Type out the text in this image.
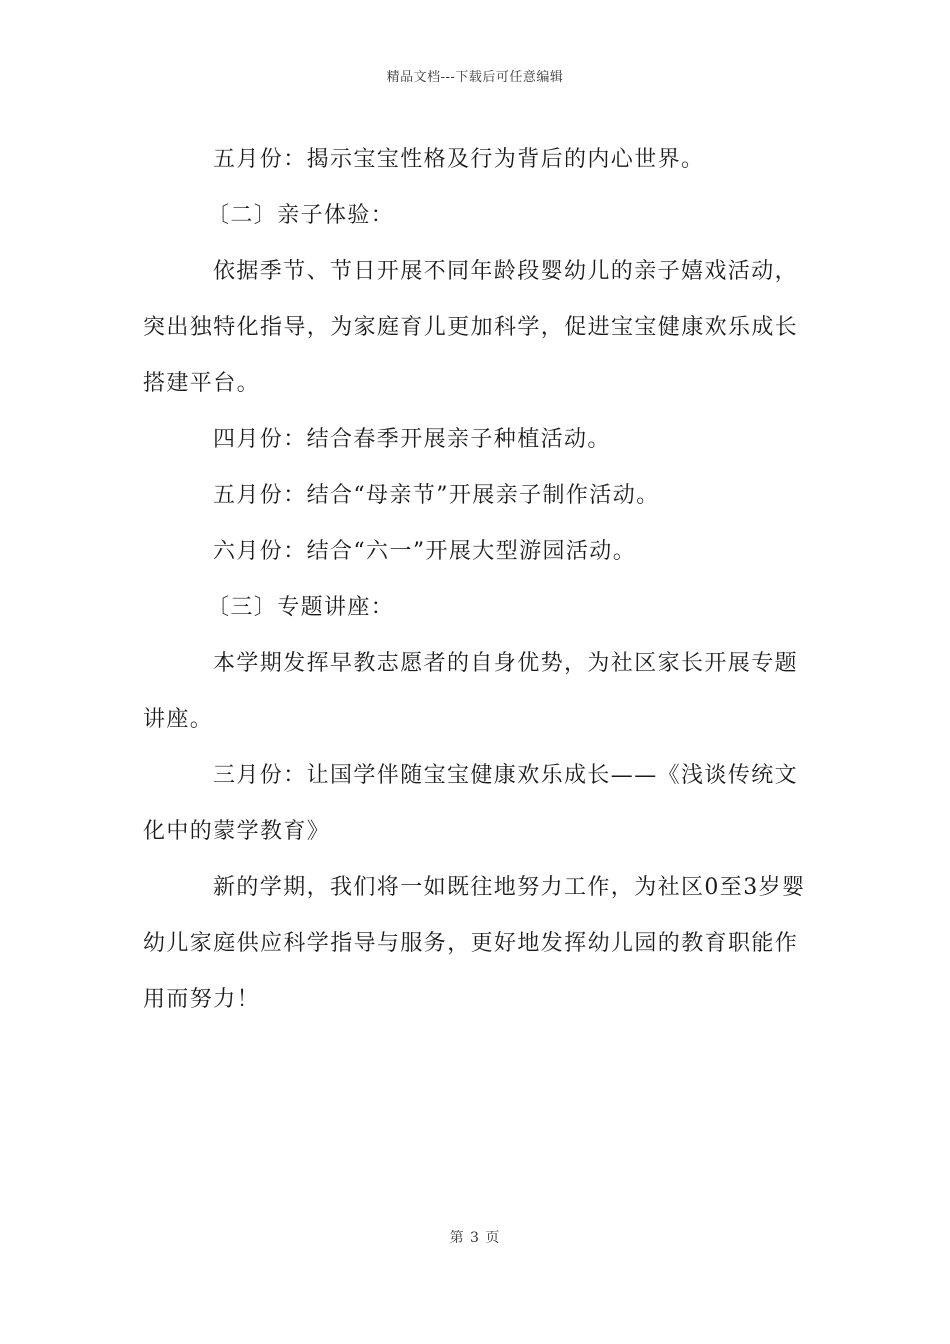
精品文档---下载后可任意编辑

五月份：揭示宝宝性格及行为背后的内心世界。

〔二〕亲子体验：

依据季节、节日开展不同年龄段婴幼儿的亲子嬉戏活动，突出独特化指导，为家庭育儿更加科学，促进宝宝健康欢乐成长搭建平台。

四月份：结合春季开展亲子种植活动。

五月份：结合“母亲节”开展亲子制作活动。

六月份：结合“六一”开展大型游园活动。

〔三〕专题讲座：

本学期发挥早教志愿者的自身优势，为社区家长开展专题讲座。

三月份：让国学伴随宝宝健康欢乐成长——《浅谈传统文化中的蒙学教育》

新的学期，我们将一如既往地努力工作，为社区0至3岁婴幼儿家庭供应科学指导与服务，更好地发挥幼儿园的教育职能作用而努力！

第 3 页
